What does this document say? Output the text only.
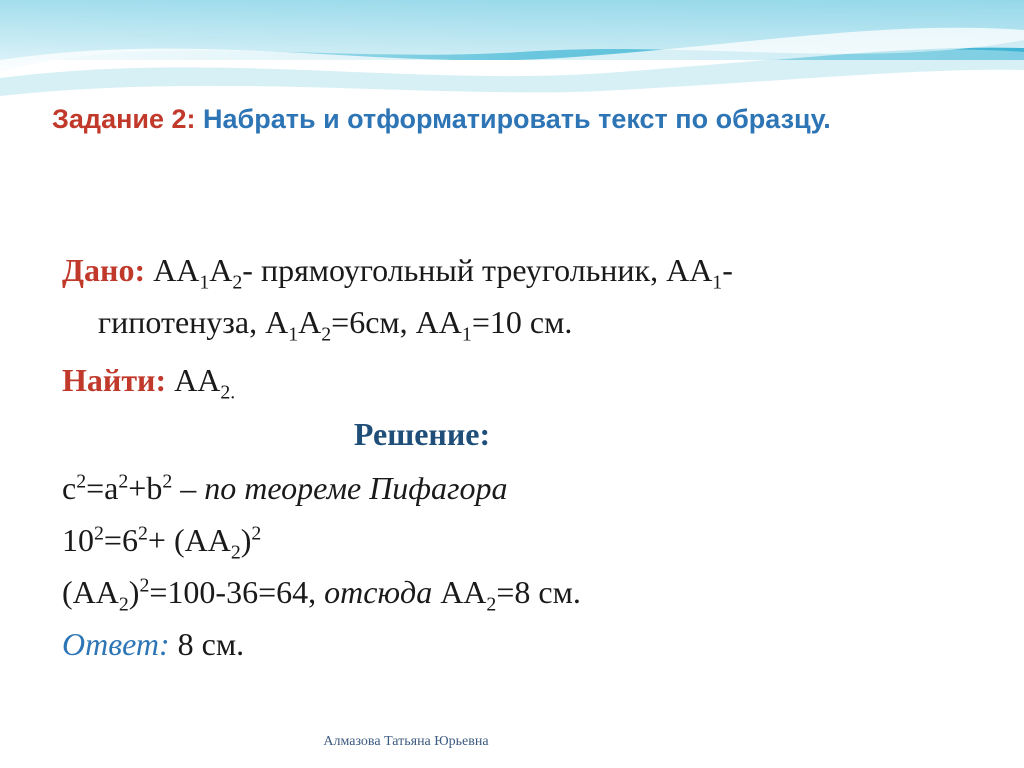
Задание 2: Набрать и отформатировать текст по образцу.
Дано: $АА_1А_2-$ прямоугольный треугольник, $АА_1-$
гипотенуза, $А_1А_2=6см$, $АА_1=10$ см.
Найти: $АА_{2.}$
Решение:
$c^2=a^2+b^2$ – по теореме Пифагора
$10^2=6^2+ (АА_2)^2$
$(АА_2)^2=100-36=64$, отсюда $АА_2=8$ см.
Ответ: 8 см.
Алмазова Татьяна Юрьевна
